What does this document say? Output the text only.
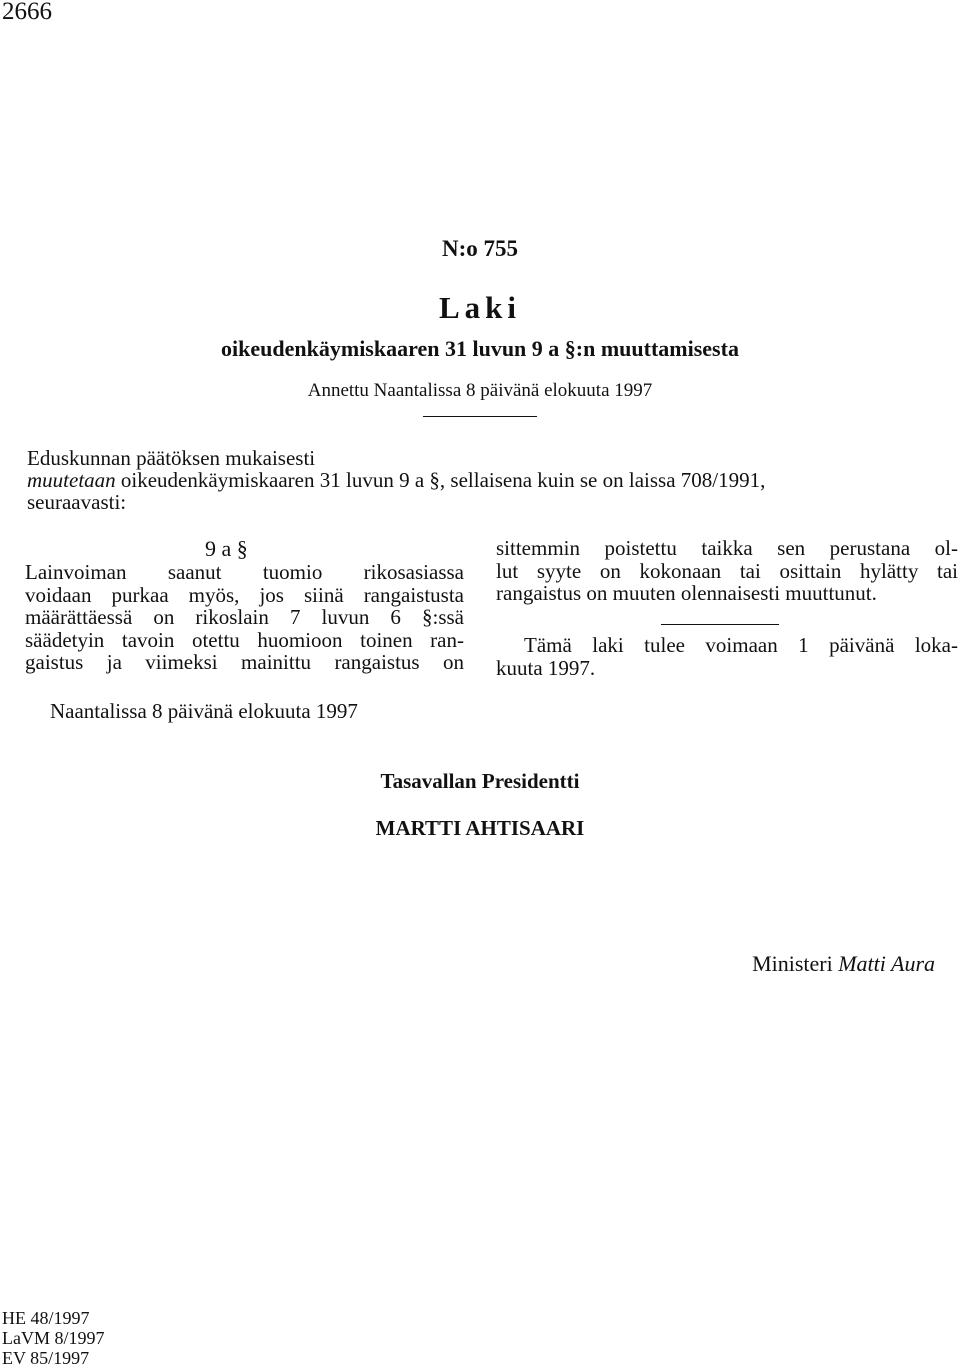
2666
N:o 755
Laki
oikeudenkäymiskaaren 31 luvun 9 a §:n muuttamisesta
Annettu Naantalissa 8 päivänä elokuuta 1997
Eduskunnan päätöksen mukaisesti
muutetaan oikeudenkäymiskaaren 31 luvun 9 a §, sellaisena kuin se on laissa 708/1991,
seuraavasti:
9 a §
Lainvoiman saanut tuomio rikosasiassa
voidaan purkaa myös, jos siinä rangaistusta
määrättäessä on rikoslain 7 luvun 6 §:ssä
säädetyin tavoin otettu huomioon toinen ran-
gaistus ja viimeksi mainittu rangaistus on
sittemmin poistettu taikka sen perustana ol-
lut syyte on kokonaan tai osittain hylätty tai
rangaistus on muuten olennaisesti muuttunut.
Tämä laki tulee voimaan 1 päivänä loka-
kuuta 1997.
Naantalissa 8 päivänä elokuuta 1997
Tasavallan Presidentti
MARTTI AHTISAARI
Ministeri Matti Aura
HE 48/1997
LaVM 8/1997
EV 85/1997
